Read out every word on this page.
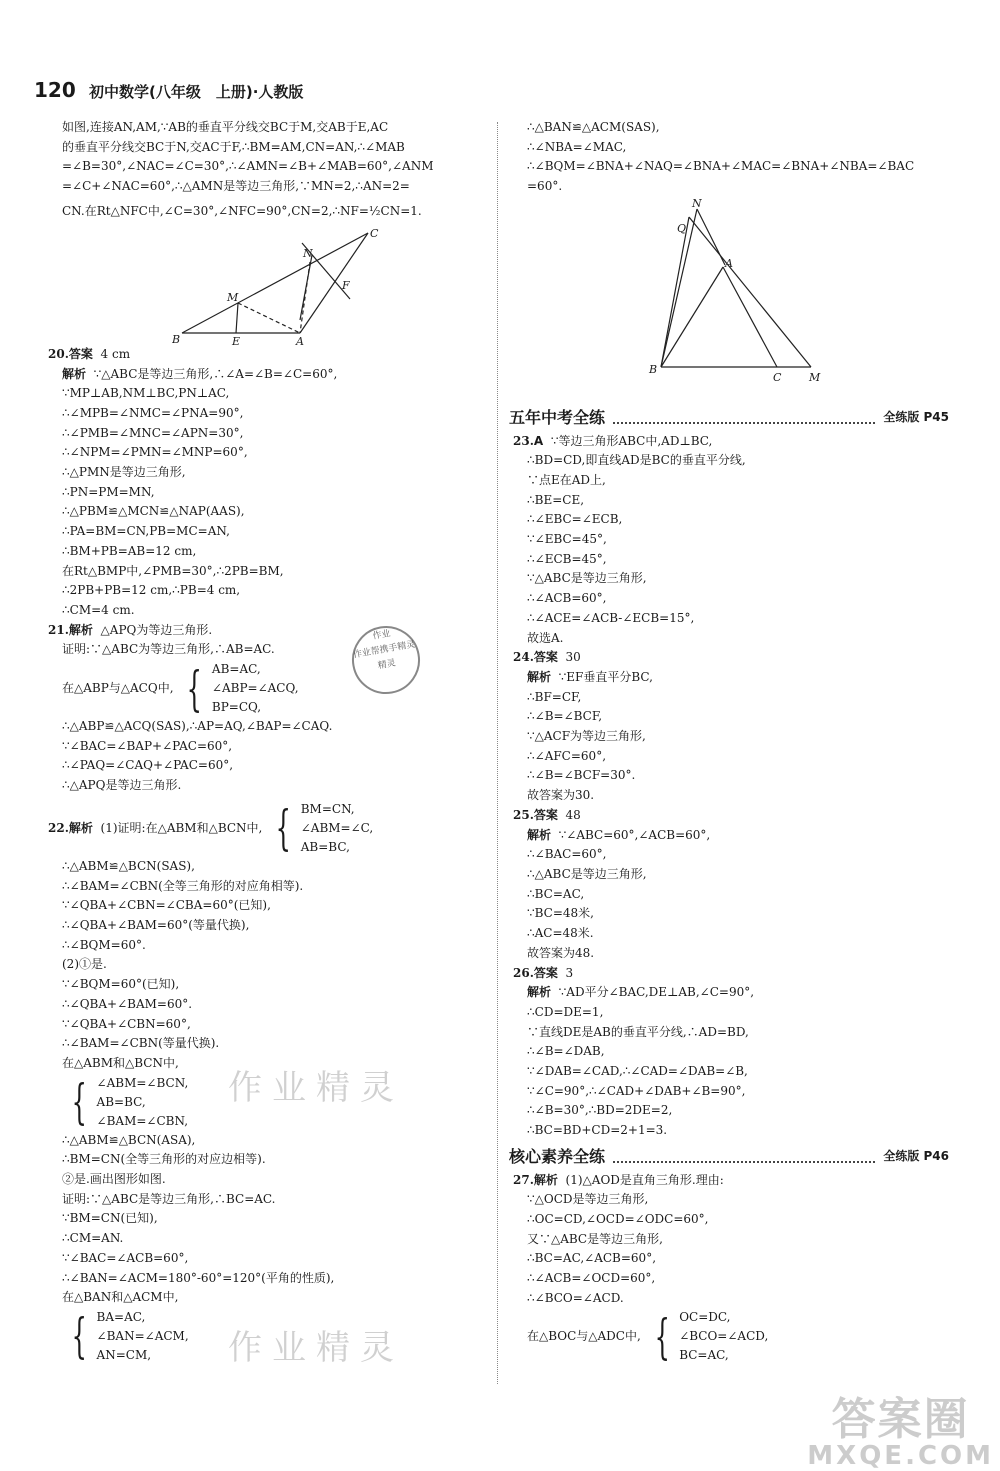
120 初中数学(八年级　上册)·人教版
如图,连接AN,AM,∵AB的垂直平分线交BC于M,交AB于E,AC
的垂直平分线交BC于N,交AC于F,∴BM=AM,CN=AN,∴∠MAB
=∠B=30°,∠NAC=∠C=30°,∴∠AMN=∠B+∠MAB=60°,∠ANM
=∠C+∠NAC=60°,∴△AMN是等边三角形,∵MN=2,∴AN=2=
CN.在Rt△NFC中,∠C=30°,∠NFC=90°,CN=2,∴NF=½CN=1.
B	E	A
M
N
F
C
20.答案 4 cm
解析 ∵△ABC是等边三角形,∴∠A=∠B=∠C=60°,
∵MP⊥AB,NM⊥BC,PN⊥AC,
∴∠MPB=∠NMC=∠PNA=90°,
∴∠PMB=∠MNC=∠APN=30°,
∴∠NPM=∠PMN=∠MNP=60°,
∴△PMN是等边三角形,
∴PN=PM=MN,
∴△PBM≌△MCN≌△NAP(AAS),
∴PA=BM=CN,PB=MC=AN,
∴BM+PB=AB=12 cm,
在Rt△BMP中,∠PMB=30°,∴2PB=BM,
∴2PB+PB=12 cm,∴PB=4 cm,
∴CM=4 cm.
21.解析 △APQ为等边三角形.
证明:∵△ABC为等边三角形,∴AB=AC.
在△ABP与△ACQ中, { AB=AC,
∠ABP=∠ACQ,
BP=CQ,
∴△ABP≌△ACQ(SAS),∴AP=AQ,∠BAP=∠CAQ.
∵∠BAC=∠BAP+∠PAC=60°,
∴∠PAQ=∠CAQ+∠PAC=60°,
∴△APQ是等边三角形.
22.解析 (1)证明:在△ABM和△BCN中, { BM=CN,
∠ABM=∠C,
AB=BC,
∴△ABM≌△BCN(SAS),
∴∠BAM=∠CBN(全等三角形的对应角相等).
∵∠QBA+∠CBN=∠CBA=60°(已知),
∴∠QBA+∠BAM=60°(等量代换),
∴∠BQM=60°.
(2)①是.
∵∠BQM=60°(已知),
∴∠QBA+∠BAM=60°.
∵∠QBA+∠CBN=60°,
∴∠BAM=∠CBN(等量代换).
在△ABM和△BCN中,
{ ∠ABM=∠BCN,
AB=BC,
∠BAM=∠CBN,
∴△ABM≌△BCN(ASA),
∴BM=CN(全等三角形的对应边相等).
②是.画出图形如图.
证明:∵△ABC是等边三角形,∴BC=AC.
∵BM=CN(已知),
∴CM=AN.
∵∠BAC=∠ACB=60°,
∴∠BAN=∠ACM=180°-60°=120°(平角的性质),
在△BAN和△ACM中,
{ BA=AC,
∠BAN=∠ACM,
AN=CM,
∴△BAN≌△ACM(SAS),
∴∠NBA=∠MAC,
∴∠BQM=∠BNA+∠NAQ=∠BNA+∠MAC=∠BNA+∠NBA=∠BAC
=60°.
N
Q
A
B
C	M
五年中考全练	全练版 P45
23.A ∵等边三角形ABC中,AD⊥BC,
∴BD=CD,即直线AD是BC的垂直平分线,
∵点E在AD上,
∴BE=CE,
∴∠EBC=∠ECB,
∵∠EBC=45°,
∴∠ECB=45°,
∵△ABC是等边三角形,
∴∠ACB=60°,
∴∠ACE=∠ACB-∠ECB=15°,
故选A.
24.答案 30
解析 ∵EF垂直平分BC,
∴BF=CF,
∴∠B=∠BCF,
∵△ACF为等边三角形,
∴∠AFC=60°,
∴∠B=∠BCF=30°.
故答案为30.
25.答案 48
解析 ∵∠ABC=60°,∠ACB=60°,
∴∠BAC=60°,
∴△ABC是等边三角形,
∴BC=AC,
∵BC=48米,
∴AC=48米.
故答案为48.
26.答案 3
解析 ∵AD平分∠BAC,DE⊥AB,∠C=90°,
∴CD=DE=1,
∵直线DE是AB的垂直平分线,∴AD=BD,
∴∠B=∠DAB,
∵∠DAB=∠CAD,∴∠CAD=∠DAB=∠B,
∵∠C=90°,∴∠CAD+∠DAB+∠B=90°,
∴∠B=30°,∴BD=2DE=2,
∴BC=BD+CD=2+1=3.
核心素养全练	全练版 P46
27.解析 (1)△AOD是直角三角形.理由:
∵△OCD是等边三角形,
∴OC=CD,∠OCD=∠ODC=60°,
又∵△ABC是等边三角形,
∴BC=AC,∠ACB=60°,
∴∠ACB=∠OCD=60°,
∴∠BCO=∠ACD.
在△BOC与△ADC中, { OC=DC,
∠BCO=∠ACD,
BC=AC,
作业精灵
作业精灵
作业
作业帮携手精灵
精灵
答案圈
MXQE.COM
